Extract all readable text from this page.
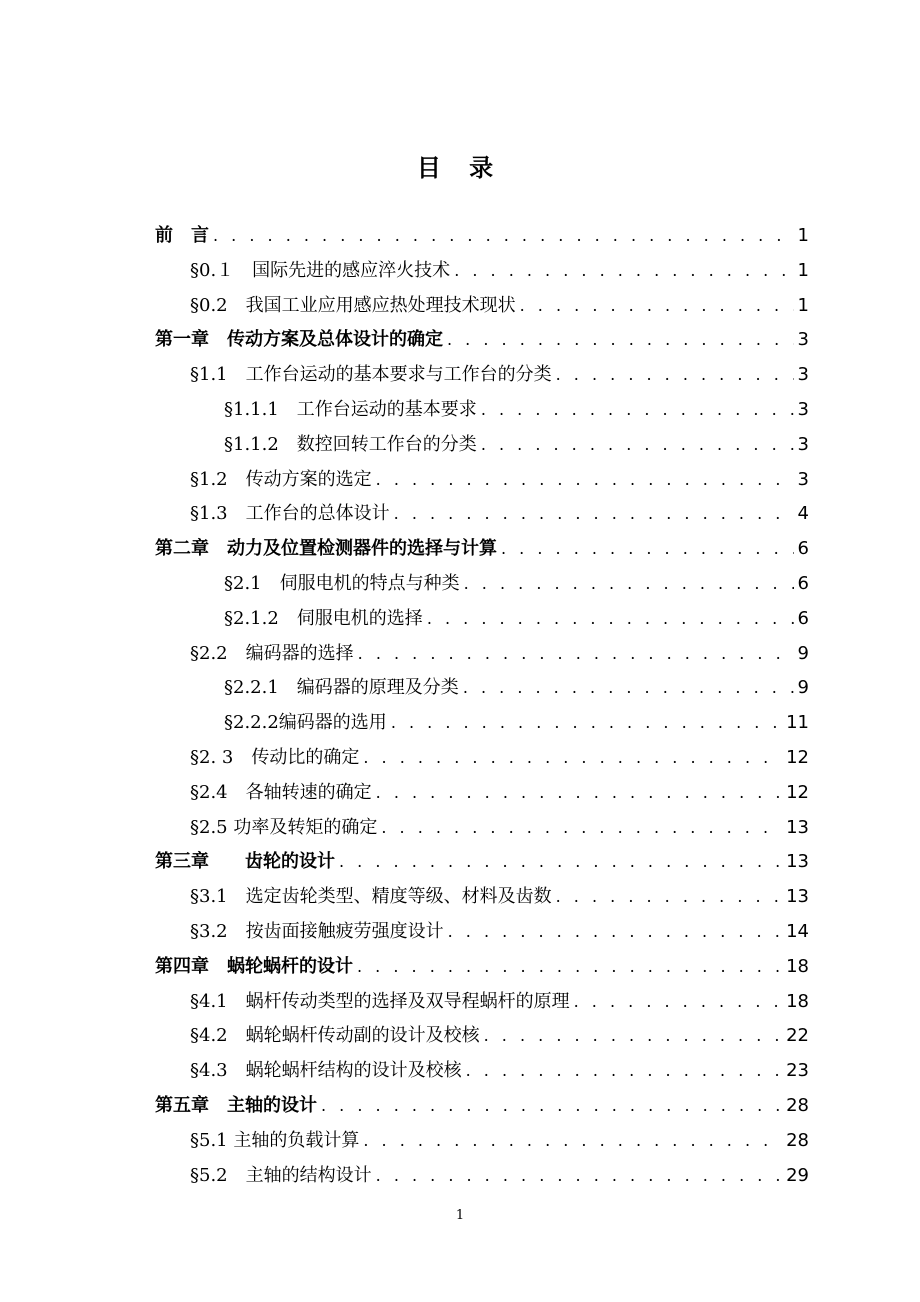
目 录
前　言 . . .	1
§0.１　国际先进的感应淬火技术 . . .	1
§0.2　我国工业应用感应热处理技术现状 . . .	1
第一章　传动方案及总体设计的确定 . . .	3
§1.1　工作台运动的基本要求与工作台的分类 . . .	3
§1.1.1　工作台运动的基本要求 . . .	3
§1.1.2　数控回转工作台的分类 . . .	3
§1.2　传动方案的选定 . . .	3
§1.3　工作台的总体设计 . . .	4
第二章　动力及位置检测器件的选择与计算 . . .	6
§2.1　伺服电机的特点与种类 . . .	6
§2.1.2　伺服电机的选择 . . .	6
§2.2　编码器的选择 . . .	9
§2.2.1　编码器的原理及分类 . . .	9
§2.2.2编码器的选用 . . .	11
§2. 3　传动比的确定 . . .	12
§2.4　各轴转速的确定 . . .	12
§2.5 功率及转矩的确定 . . .	13
第三章　　齿轮的设计 . . .	13
§3.1　选定齿轮类型、精度等级、材料及齿数 . . .	13
§3.2　按齿面接触疲劳强度设计 . . .	14
第四章　蜗轮蜗杆的设计 . . .	18
§4.1　蜗杆传动类型的选择及双导程蜗杆的原理 . . .	18
§4.2　蜗轮蜗杆传动副的设计及校核 . . .	22
§4.3　蜗轮蜗杆结构的设计及校核 . . .	23
第五章　主轴的设计 . . .	28
§5.1 主轴的负载计算 . . .	28
§5.2　主轴的结构设计 . . .	29
1
